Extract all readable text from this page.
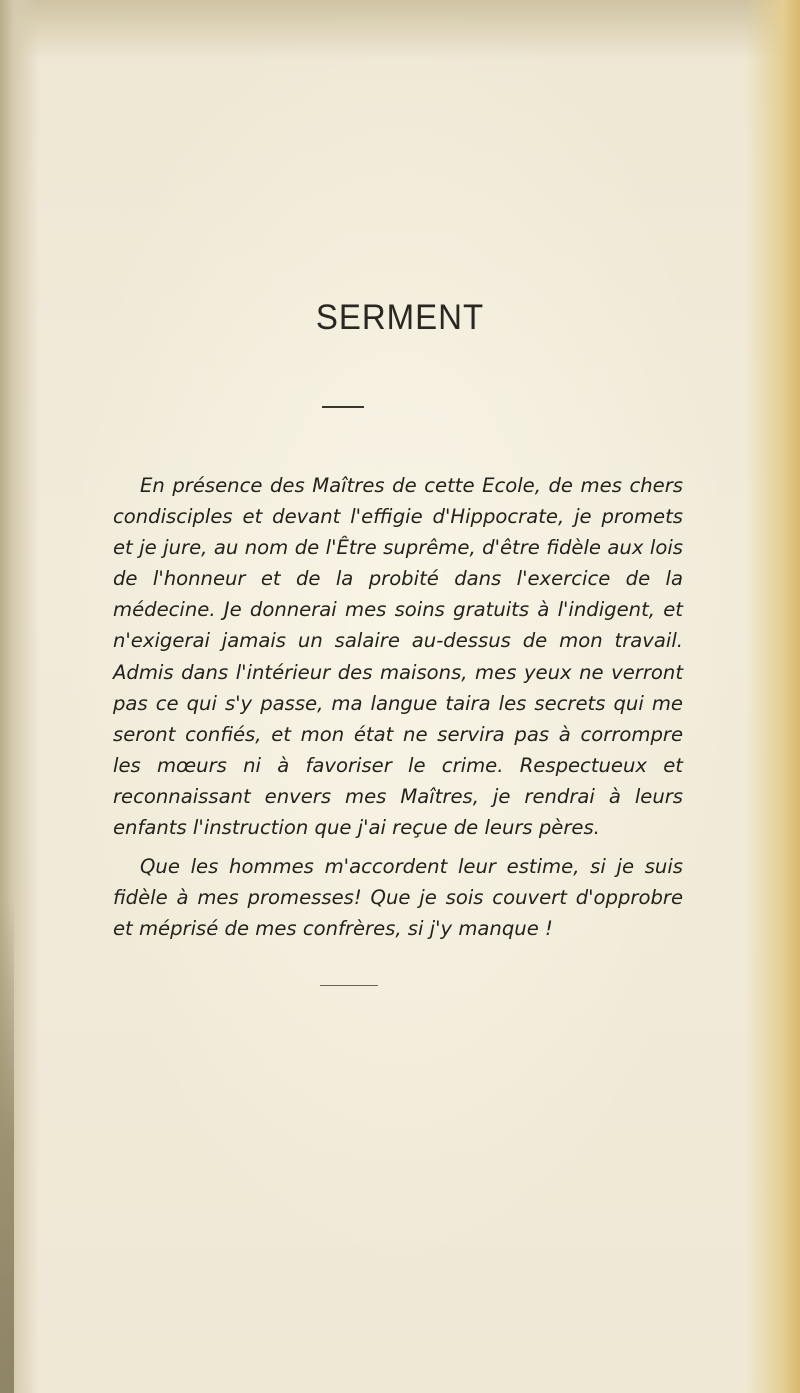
SERMENT

En présence des Maîtres de cette Ecole, de mes chers condisciples et devant l'effigie d'Hippocrate, je promets et je jure, au nom de l'Être suprême, d'être fidèle aux lois de l'honneur et de la probité dans l'exercice de la médecine. Je donnerai mes soins gratuits à l'indigent, et n'exigerai jamais un salaire au-dessus de mon travail. Admis dans l'intérieur des maisons, mes yeux ne verront pas ce qui s'y passe, ma langue taira les secrets qui me seront confiés, et mon état ne servira pas à corrompre les mœurs ni à favoriser le crime. Respectueux et reconnaissant envers mes Maîtres, je rendrai à leurs enfants l'instruction que j'ai reçue de leurs pères.

Que les hommes m'accordent leur estime, si je suis fidèle à mes promesses! Que je sois couvert d'opprobre et méprisé de mes confrères, si j'y manque !
